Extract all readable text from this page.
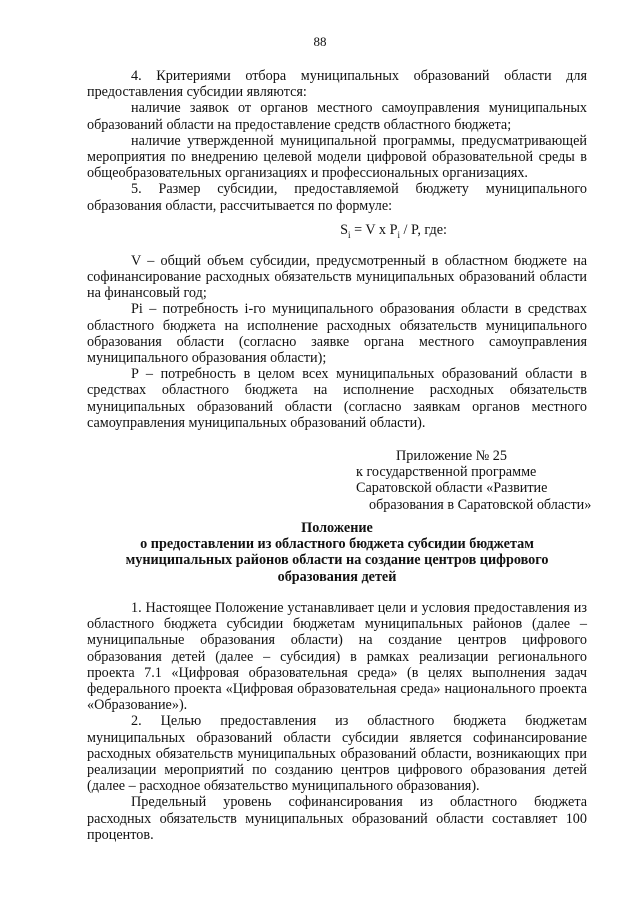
88

4. Критериями отбора муниципальных образований области для предоставления субсидии являются:

наличие заявок от органов местного самоуправления муниципальных образований области на предоставление средств областного бюджета;

наличие утвержденной муниципальной программы, предусматривающей мероприятия по внедрению целевой модели цифровой образовательной среды в общеобразовательных организациях и профессиональных организациях.

5. Размер субсидии, предоставляемой бюджету муниципального образования области, рассчитывается по формуле:

$S_i = V$ x $P_i$ / P, где:

V – общий объем субсидии, предусмотренный в областном бюджете на софинансирование расходных обязательств муниципальных образований области на финансовый год;

Pi – потребность i-го муниципального образования области в средствах областного бюджета на исполнение расходных обязательств муниципального образования области (согласно заявке органа местного самоуправления муниципального образования области);

P – потребность в целом всех муниципальных образований области в средствах областного бюджета на исполнение расходных обязательств муниципальных образований области (согласно заявкам органов местного самоуправления муниципальных образований области).

Приложение № 25
к государственной программе
Саратовской области «Развитие
образования в Саратовской области»
Положение
о предоставлении из областного бюджета субсидии бюджетам
муниципальных районов области на создание центров цифрового
образования детей

1. Настоящее Положение устанавливает цели и условия предоставления из областного бюджета субсидии бюджетам муниципальных районов (далее – муниципальные образования области) на создание центров цифрового образования детей (далее – субсидия) в рамках реализации регионального проекта 7.1 «Цифровая образовательная среда» (в целях выполнения задач федерального проекта «Цифровая образовательная среда» национального проекта «Образование»).

2. Целью предоставления из областного бюджета бюджетам муниципальных образований области субсидии является софинансирование расходных обязательств муниципальных образований области, возникающих при реализации мероприятий по созданию центров цифрового образования детей (далее – расходное обязательство муниципального образования).

Предельный уровень софинансирования из областного бюджета расходных обязательств муниципальных образований области составляет 100 процентов.
